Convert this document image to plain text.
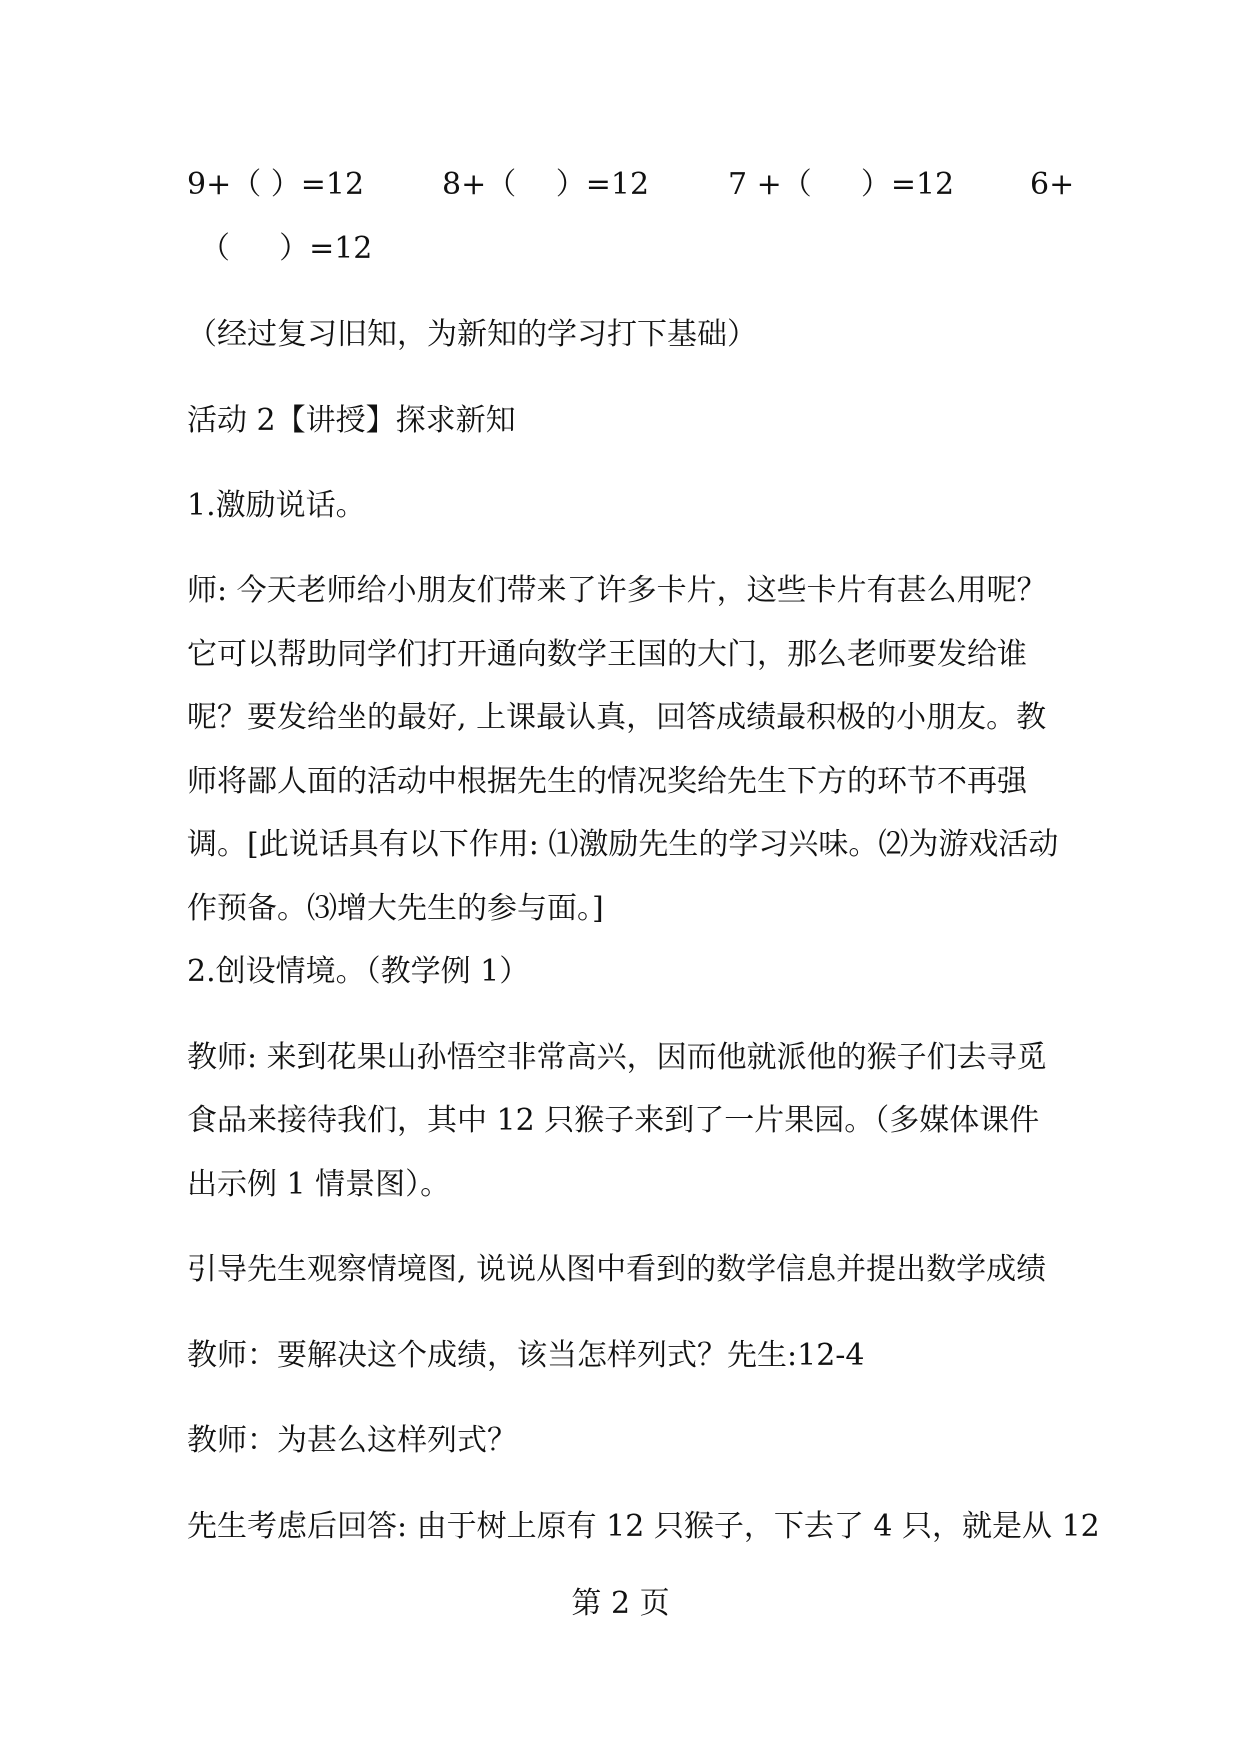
9+（ ）=12	8+（　 ）=12	7 +（　  ）=12	6+
（　  ）=12
（经过复习旧知，为新知的学习打下基础）
活动 2【讲授】探求新知
1.激励说话。
师: 今天老师给小朋友们带来了许多卡片，这些卡片有甚么用呢？
它可以帮助同学们打开通向数学王国的大门，那么老师要发给谁
呢？要发给坐的最好, 上课最认真，回答成绩最积极的小朋友。教
师将鄙人面的活动中根据先生的情况奖给先生下方的环节不再强
调。[此说话具有以下作用: ⑴激励先生的学习兴味。⑵为游戏活动
作预备。⑶增大先生的参与面。]
2.创设情境。（教学例 1）
教师: 来到花果山孙悟空非常高兴，因而他就派他的猴子们去寻觅
食品来接待我们，其中 12 只猴子来到了一片果园。（多媒体课件
出示例 1 情景图）。
引导先生观察情境图, 说说从图中看到的数学信息并提出数学成绩
教师：要解决这个成绩，该当怎样列式？先生:12-4
教师：为甚么这样列式？
先生考虑后回答: 由于树上原有 12 只猴子，下去了 4 只，就是从 12
第 2 页
